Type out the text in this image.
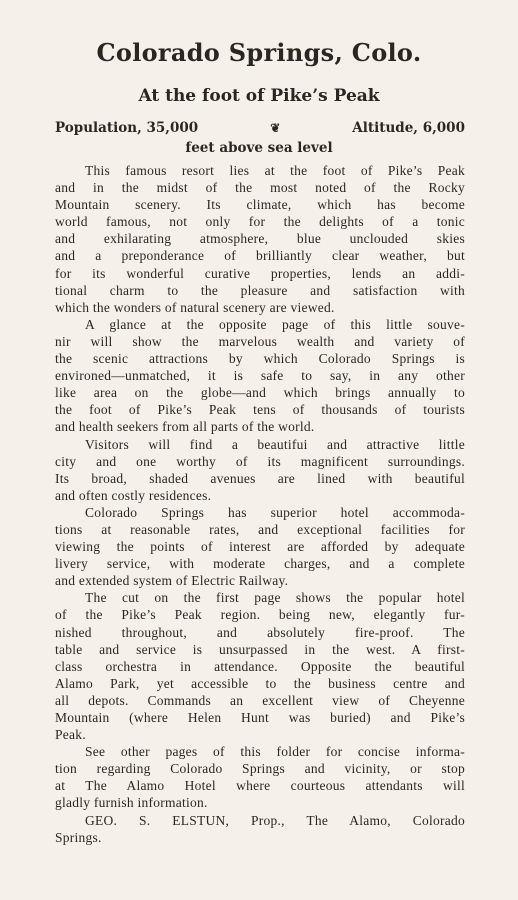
Colorado Springs, Colo.
At the foot of Pike’s Peak
Population, 35,000	❦	Altitude, 6,000
feet above sea level
This famous resort lies at the foot of Pike’s Peak
and in the midst of the most noted of the Rocky
Mountain scenery. Its climate, which has become
world famous, not only for the delights of a tonic
and exhilarating atmosphere, blue unclouded skies
and a preponderance of brilliantly clear weather, but
for its wonderful curative properties, lends an addi-
tional charm to the pleasure and satisfaction with
which the wonders of natural scenery are viewed.
A glance at the opposite page of this little souve-
nir will show the marvelous wealth and variety of
the scenic attractions by which Colorado Springs is
environed—unmatched, it is safe to say, in any other
like area on the globe—and which brings annually to
the foot of Pike’s Peak tens of thousands of tourists
and health seekers from all parts of the world.
Visitors will find a beautifui and attractive little
city and one worthy of its magnificent surroundings.
Its broad, shaded avenues are lined with beautiful
and often costly residences.
Colorado Springs has superior hotel accommoda-
tions at reasonable rates, and exceptional facilities for
viewing the points of interest are afforded by adequate
livery service, with moderate charges, and a complete
and extended system of Electric Railway.
The cut on the first page shows the popular hotel
of the Pike’s Peak region. being new, elegantly fur-
nished throughout, and absolutely fire-proof. The
table and service is unsurpassed in the west. A first-
class orchestra in attendance. Opposite the beautiful
Alamo Park, yet accessible to the business centre and
all depots. Commands an excellent view of Cheyenne
Mountain (where Helen Hunt was buried) and Pike’s
Peak.
See other pages of this folder for concise informa-
tion regarding Colorado Springs and vicinity, or stop
at The Alamo Hotel where courteous attendants will
gladly furnish information.
GEO. S. ELSTUN, Prop., The Alamo, Colorado
Springs.
